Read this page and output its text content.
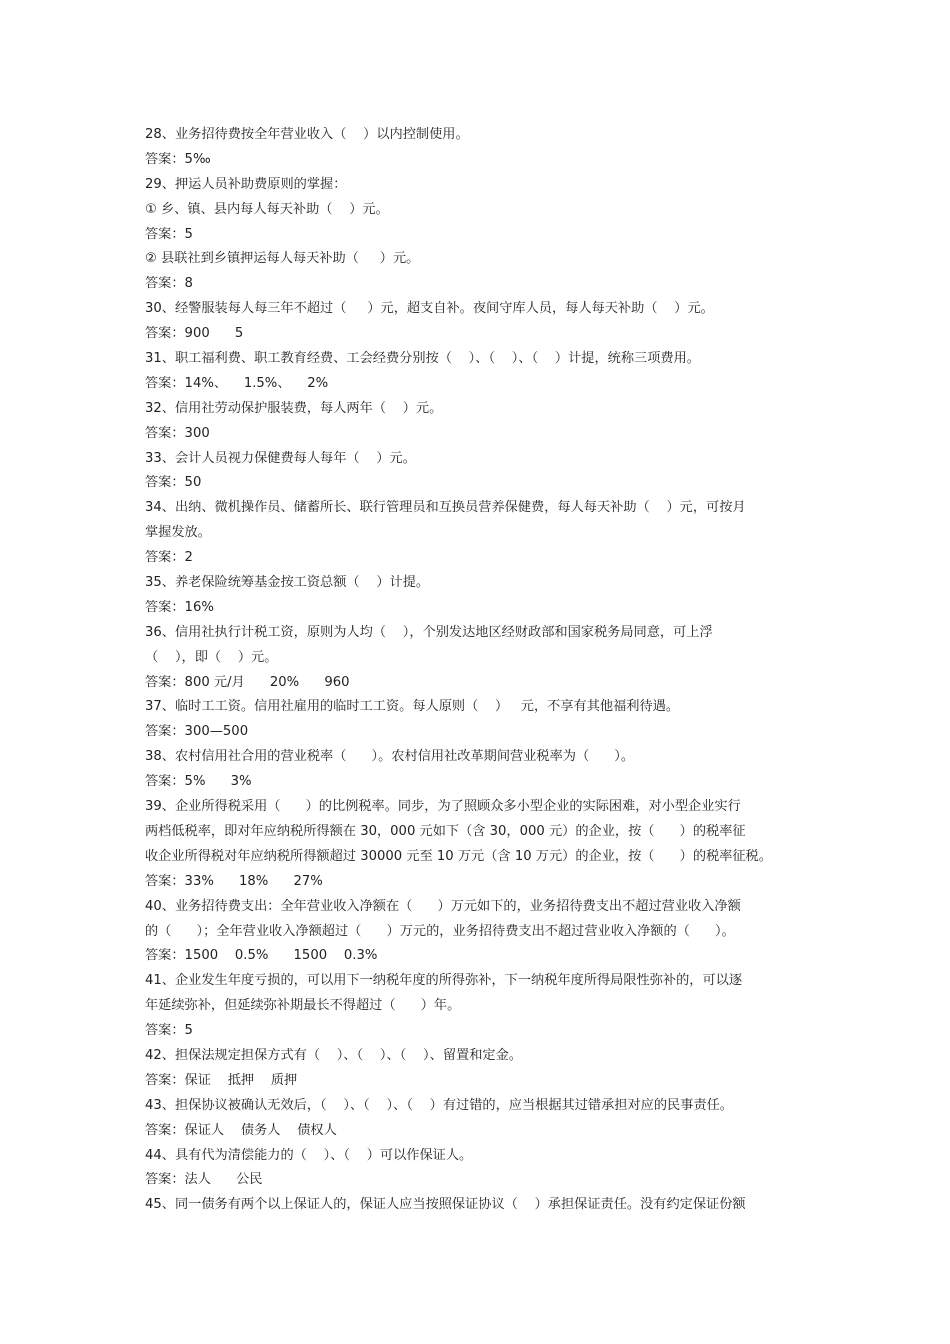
28、业务招待费按全年营业收入（    ）以内控制使用。
答案：5‰
29、押运人员补助费原则的掌握：
① 乡、镇、县内每人每天补助（    ）元。
答案：5
② 县联社到乡镇押运每人每天补助（     ）元。
答案：8
30、经警服装每人每三年不超过（     ）元，超支自补。夜间守库人员，每人每天补助（    ）元。
答案：900      5
31、职工福利费、职工教育经费、工会经费分别按（    ）、（    ）、（    ）计提，统称三项费用。
答案：14%、    1.5%、    2%
32、信用社劳动保护服装费，每人两年（    ）元。
答案：300
33、会计人员视力保健费每人每年（    ）元。
答案：50
34、出纳、微机操作员、储蓄所长、联行管理员和互换员营养保健费，每人每天补助（    ）元，可按月
掌握发放。
答案：2
35、养老保险统筹基金按工资总额（    ）计提。
答案：16%
36、信用社执行计税工资，原则为人均（    ），个别发达地区经财政部和国家税务局同意，可上浮
（    ），即（    ）元。
答案：800 元/月      20%      960
37、临时工工资。信用社雇用的临时工工资。每人原则（    ）   元，不享有其他福利待遇。
答案：300—500
38、农村信用社合用的营业税率（      ）。农村信用社改革期间营业税率为（      ）。
答案：5%      3%
39、企业所得税采用（      ）的比例税率。同步，为了照顾众多小型企业的实际困难，对小型企业实行
两档低税率，即对年应纳税所得额在 30，000 元如下（含 30，000 元）的企业，按（      ）的税率征
收企业所得税对年应纳税所得额超过 30000 元至 10 万元（含 10 万元）的企业，按（      ）的税率征税。
答案：33%      18%      27%
40、业务招待费支出：全年营业收入净额在（      ）万元如下的，业务招待费支出不超过营业收入净额
的（      ）；全年营业收入净额超过（      ）万元的，业务招待费支出不超过营业收入净额的（      ）。
答案：1500    0.5%      1500    0.3%
41、企业发生年度亏损的，可以用下一纳税年度的所得弥补，下一纳税年度所得局限性弥补的，可以逐
年延续弥补，但延续弥补期最长不得超过（      ）年。
答案：5
42、担保法规定担保方式有（    ）、（    ）、（    ）、留置和定金。
答案：保证    抵押    质押
43、担保协议被确认无效后，（    ）、（    ）、（    ）有过错的，应当根据其过错承担对应的民事责任。
答案：保证人    债务人    债权人
44、具有代为清偿能力的（    ）、（    ）可以作保证人。
答案：法人      公民
45、同一债务有两个以上保证人的，保证人应当按照保证协议（    ）承担保证责任。没有约定保证份额
